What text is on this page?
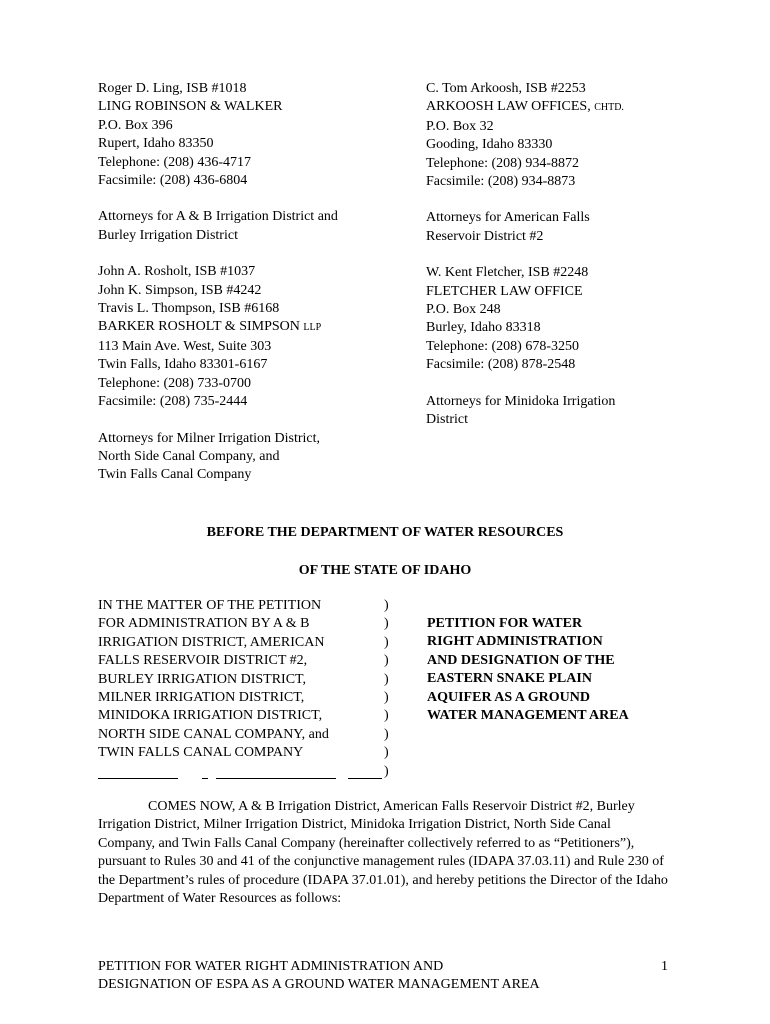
Roger D. Ling, ISB #1018
LING ROBINSON & WALKER
P.O. Box 396
Rupert, Idaho 83350
Telephone: (208) 436-4717
Facsimile: (208) 436-6804
Attorneys for A & B Irrigation District and
Burley Irrigation District
John A. Rosholt, ISB #1037
John K. Simpson, ISB #4242
Travis L. Thompson, ISB #6168
BARKER ROSHOLT & SIMPSON LLP
113 Main Ave. West, Suite 303
Twin Falls, Idaho 83301-6167
Telephone: (208) 733-0700
Facsimile: (208) 735-2444
Attorneys for Milner Irrigation District,
North Side Canal Company, and
Twin Falls Canal Company
C. Tom Arkoosh, ISB #2253
ARKOOSH LAW OFFICES, CHTD.
P.O. Box 32
Gooding, Idaho 83330
Telephone: (208) 934-8872
Facsimile: (208) 934-8873
Attorneys for American Falls
Reservoir District #2
W. Kent Fletcher, ISB #2248
FLETCHER LAW OFFICE
P.O. Box 248
Burley, Idaho 83318
Telephone: (208) 678-3250
Facsimile: (208) 878-2548
Attorneys for Minidoka Irrigation
District
BEFORE THE DEPARTMENT OF WATER RESOURCES
OF THE STATE OF IDAHO
IN THE MATTER OF THE PETITION
FOR ADMINISTRATION BY A & B
IRRIGATION DISTRICT, AMERICAN
FALLS RESERVOIR DISTRICT #2,
BURLEY IRRIGATION DISTRICT,
MILNER IRRIGATION DISTRICT,
MINIDOKA IRRIGATION DISTRICT,
NORTH SIDE CANAL COMPANY, and
TWIN FALLS CANAL COMPANY
)
)
)
)
)
)
)
)
)
)
PETITION FOR WATER
RIGHT ADMINISTRATION
AND DESIGNATION OF THE
EASTERN SNAKE PLAIN
AQUIFER AS A GROUND
WATER MANAGEMENT AREA

COMES NOW, A & B Irrigation District, American Falls Reservoir District #2, Burley Irrigation District, Milner Irrigation District, Minidoka Irrigation District, North Side Canal Company, and Twin Falls Canal Company (hereinafter collectively referred to as “Petitioners”), pursuant to Rules 30 and 41 of the conjunctive management rules (IDAPA 37.03.11) and Rule 230 of the Department’s rules of procedure (IDAPA 37.01.01), and hereby petitions the Director of the Idaho Department of Water Resources as follows:

PETITION FOR WATER RIGHT ADMINISTRATION AND
DESIGNATION OF ESPA AS A GROUND WATER MANAGEMENT AREA
1
